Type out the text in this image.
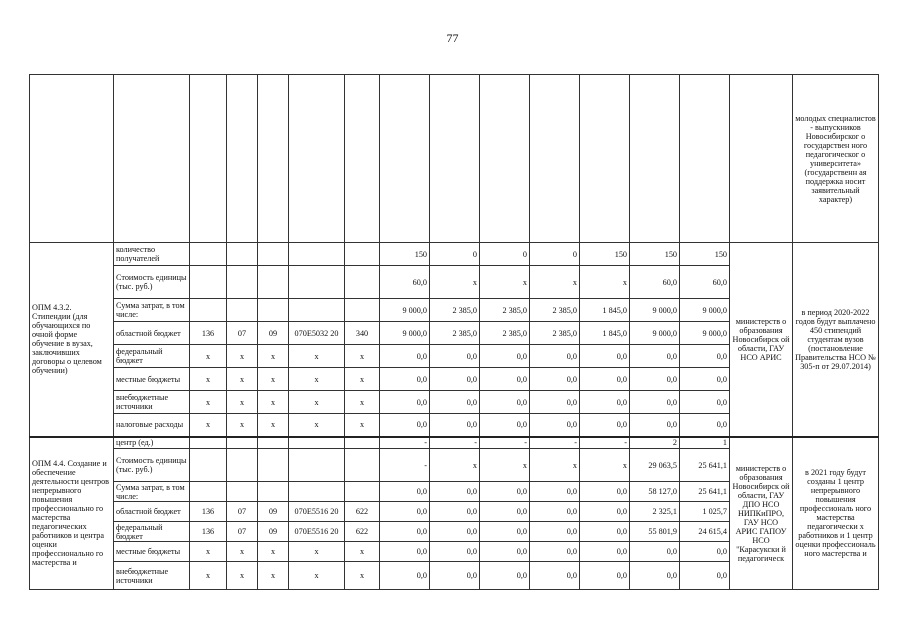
77
															молодых специалистов - выпускников Новосибирског о государствен ного педагогическог о университета» (государственн ая поддержка носит заявительный характер)
ОПМ 4.3.2. Стипендии (для обучающихся по очной форме обучение в вузах, заключивших договоры о целевом обучении)	количество получателей						150	0	0	0	150	150	150	министерств о образования Новосибирск ой области, ГАУ НСО АРИС	в период 2020-2022 годов будут выплачено 450 стипендий студентам вузов (постановление Правительства НСО № 305-п от 29.07.2014)
	Стоимость единицы (тыс. руб.)						60,0	х	х	х	х	60,0	60,0		
	Сумма затрат, в том числе:						9 000,0	2 385,0	2 385,0	2 385,0	1 845,0	9 000,0	9 000,0		
	областной бюджет	136	07	09	070Е5032 20	340	9 000,0	2 385,0	2 385,0	2 385,0	1 845,0	9 000,0	9 000,0		
	федеральный бюджет	х	х	х	х	х	0,0	0,0	0,0	0,0	0,0	0,0	0,0		
	местные бюджеты	х	х	х	х	х	0,0	0,0	0,0	0,0	0,0	0,0	0,0		
	внебюджетные источники	х	х	х	х	х	0,0	0,0	0,0	0,0	0,0	0,0	0,0		
	налоговые расходы	х	х	х	х	х	0,0	0,0	0,0	0,0	0,0	0,0	0,0		
ОПМ 4.4. Создание и обеспечение деятельности центров непрерывного повышения профессионально го мастерства педагогических работников и центра оценки профессионально го мастерства и	центр (ед.)						-	-	-	-	-	2	1	министерств о образования Новосибирск ой области, ГАУ ДПО НСО НИПКиПРО, ГАУ НСО АРИС ГАПОУ НСО "Карасукски й педагогическ	в 2021 году будут созданы 1 центр непрерывного повышения профессиональ ного мастерства педагогически х работников и 1 центр оценки профессиональ ного мастерства и
	Стоимость единицы (тыс. руб.)						-	х	х	х	х	29 063,5	25 641,1		
	Сумма затрат, в том числе:						0,0	0,0	0,0	0,0	0,0	58 127,0	25 641,1		
	областной бюджет	136	07	09	070Е5516 20	622	0,0	0,0	0,0	0,0	0,0	2 325,1	1 025,7		
	федеральный бюджет	136	07	09	070Е5516 20	622	0,0	0,0	0,0	0,0	0,0	55 801,9	24 615,4		
	местные бюджеты	х	х	х	х	х	0,0	0,0	0,0	0,0	0,0	0,0	0,0		
	внебюджетные источники	х	х	х	х	х	0,0	0,0	0,0	0,0	0,0	0,0	0,0		
